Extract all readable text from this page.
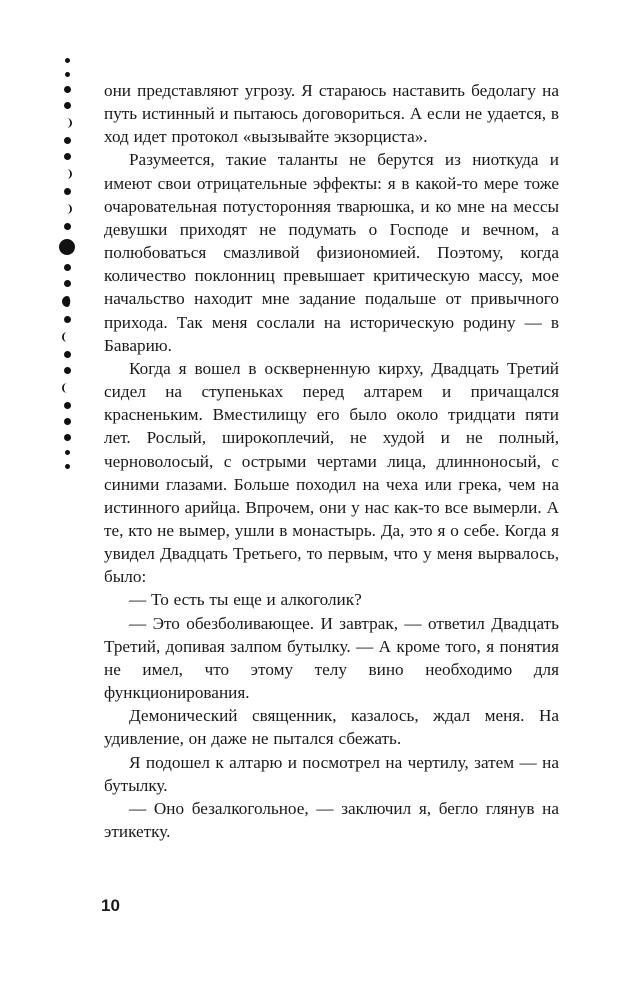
они представляют угрозу. Я стараюсь наставить бедолагу на путь истинный и пытаюсь договориться. А если не удается, в ход идет протокол «вызывайте экзорциста».

Разумеется, такие таланты не берутся из ниоткуда и имеют свои отрицательные эффекты: я в какой-то мере тоже очаровательная потусторонняя тварюшка, и ко мне на мессы девушки приходят не подумать о Господе и вечном, а полюбоваться смазливой физиономией. Поэтому, когда количество поклонниц превышает критическую массу, мое начальство находит мне задание подальше от привычного прихода. Так меня сослали на историческую родину — в Баварию.

Когда я вошел в оскверненную кирху, Двадцать Третий сидел на ступеньках перед алтарем и причащался красненьким. Вместилищу его было около тридцати пяти лет. Рослый, широкоплечий, не худой и не полный, черноволосый, с острыми чертами лица, длинноносый, с синими глазами. Больше походил на чеха или грека, чем на истинного арийца. Впрочем, они у нас как-то все вымерли. А те, кто не вымер, ушли в монастырь. Да, это я о себе. Когда я увидел Двадцать Третьего, то первым, что у меня вырвалось, было:

— То есть ты еще и алкоголик?

— Это обезболивающее. И завтрак, — ответил Двадцать Третий, допивая залпом бутылку. — А кроме того, я понятия не имел, что этому телу вино необходимо для функционирования.

Демонический священник, казалось, ждал меня. На удивление, он даже не пытался сбежать.

Я подошел к алтарю и посмотрел на чертилу, затем — на бутылку.

— Оно безалкогольное, — заключил я, бегло глянув на этикетку.

10
